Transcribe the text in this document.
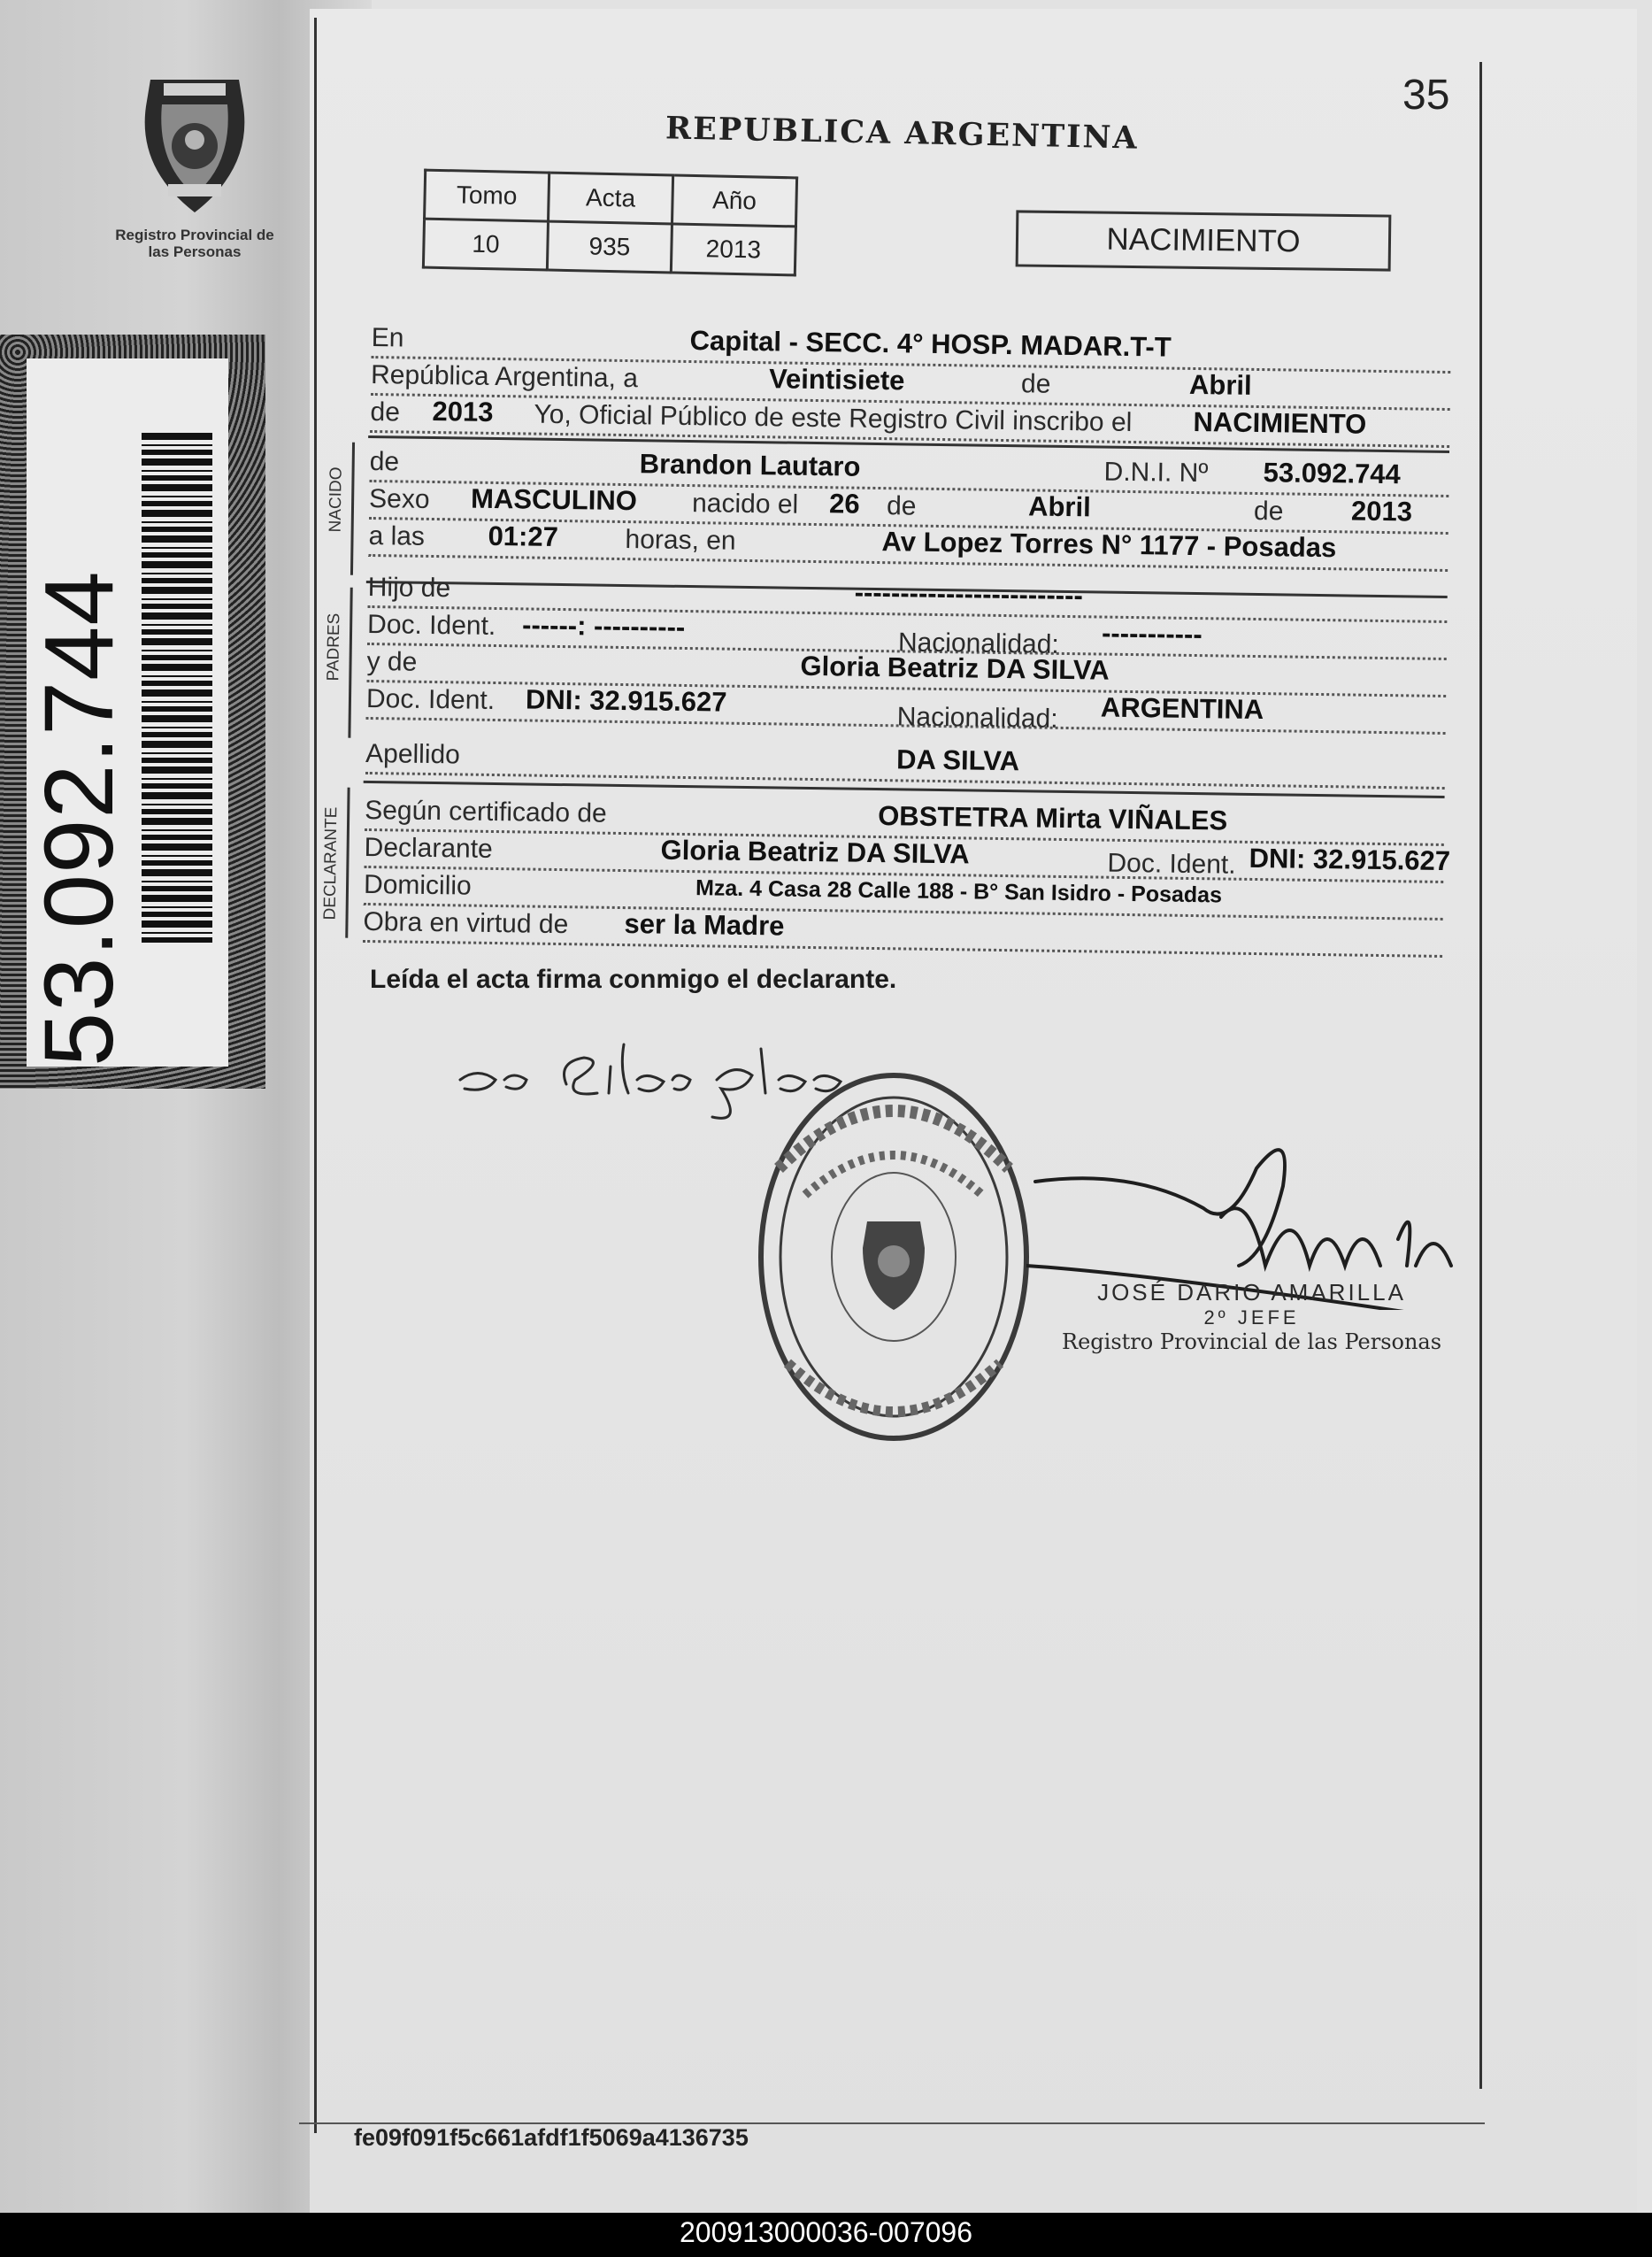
Registro Provincial de las Personas
53.092.744
35
REPUBLICA ARGENTINA
Tomo	Acta	Año
10	935	2013	NACIMIENTO
En	Capital - SECC. 4° HOSP. MADAR.T-T
República Argentina, a	Veintisiete	de	Abril
de 2013 Yo, Oficial Público de este Registro Civil inscribo el NACIMIENTO
NACIDO
de	Brandon Lautaro	D.N.I. Nº 53.092.744
Sexo MASCULINO nacido el 26 de	Abril	de 2013
a las 01:27	horas, en	Av Lopez Torres N° 1177 - Posadas
PADRES
Hijo de	-------------------------
Doc. Ident. ------: ----------
Nacionalidad: -----------
y de	Gloria Beatriz DA SILVA
Doc. Ident. DNI: 32.915.627
Nacionalidad: ARGENTINA
Apellido	DA SILVA
DECLARANTE Según certificado de	OBSTETRA Mirta VIÑALES
Declarante	Gloria Beatriz DA SILVA	Doc. Ident. DNI: 32.915.627
Domicilio	Mza. 4 Casa 28 Calle 188 - B° San Isidro - Posadas
Obra en virtud de ser la Madre
Leída el acta firma conmigo el declarante.
JOSÉ DARIO AMARILLA
2º JEFE
Registro Provincial de las Personas
fe09f091f5c661afdf1f5069a4136735
200913000036-007096
